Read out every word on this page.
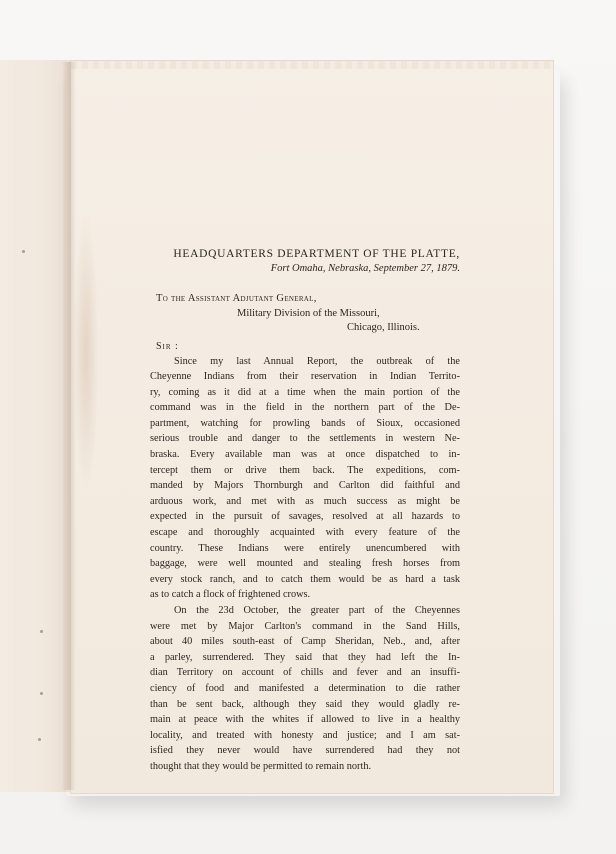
HEADQUARTERS DEPARTMENT OF THE PLATTE,

Fort Omaha, Nebraska, September 27, 1879.

To the Assistant Adjutant General,

Military Division of the Missouri,

Chicago, Illinois.

Sir :

Since my last Annual Report, the outbreak of the
Cheyenne Indians from their reservation in Indian Territo-
ry, coming as it did at a time when the main portion of the
command was in the field in the northern part of the De-
partment, watching for prowling bands of Sioux, occasioned
serious trouble and danger to the settlements in western Ne-
braska. Every available man was at once dispatched to in-
tercept them or drive them back. The expeditions, com-
manded by Majors Thornburgh and Carlton did faithful and
arduous work, and met with as much success as might be
expected in the pursuit of savages, resolved at all hazards to
escape and thoroughly acquainted with every feature of the
country. These Indians were entirely unencumbered with
baggage, were well mounted and stealing fresh horses from
every stock ranch, and to catch them would be as hard a task
as to catch a flock of frightened crows.
On the 23d October, the greater part of the Cheyennes
were met by Major Carlton's command in the Sand Hills,
about 40 miles south-east of Camp Sheridan, Neb., and, after
a parley, surrendered. They said that they had left the In-
dian Territory on account of chills and fever and an insuffi-
ciency of food and manifested a determination to die rather
than be sent back, although they said they would gladly re-
main at peace with the whites if allowed to live in a healthy
locality, and treated with honesty and justice; and I am sat-
isfied they never would have surrendered had they not
thought that they would be permitted to remain north.
